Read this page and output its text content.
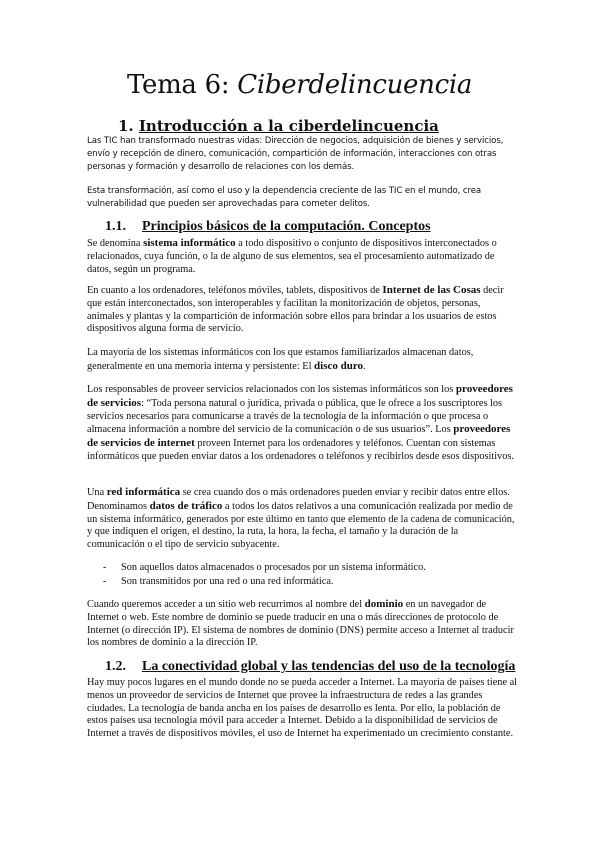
Tema 6: Ciberdelincuencia
1. Introducción a la ciberdelincuencia
Las TIC han transformado nuestras vidas: Dirección de negocios, adquisición de bienes y servicios, envío y recepción de dinero, comunicación, compartición de información, interacciones con otras personas y formación y desarrollo de relaciones con los demás.
Esta transformación, así como el uso y la dependencia creciente de las TIC en el mundo, crea vulnerabilidad que pueden ser aprovechadas para cometer delitos.
1.1. Principios básicos de la computación. Conceptos
Se denomina sistema informático a todo dispositivo o conjunto de dispositivos interconectados o relacionados, cuya función, o la de alguno de sus elementos, sea el procesamiento automatizado de datos, según un programa.
En cuanto a los ordenadores, teléfonos móviles, tablets, dispositivos de Internet de las Cosas decir que están interconectados, son interoperables y facilitan la monitorización de objetos, personas, animales y plantas y la compartición de información sobre ellos para brindar a los usuarios de estos dispositivos alguna forma de servicio.
La mayoría de los sistemas informáticos con los que estamos familiarizados almacenan datos, generalmente en una memoria interna y persistente: El disco duro.
Los responsables de proveer servicios relacionados con los sistemas informáticos son los proveedores de servicios: “Toda persona natural o jurídica, privada o pública, que le ofrece a los suscriptores los servicios necesarios para comunicarse a través de la tecnología de la información o que procesa o almacena información a nombre del servicio de la comunicación o de sus usuarios”. Los proveedores de servicios de internet proveen Internet para los ordenadores y teléfonos. Cuentan con sistemas informáticos que pueden enviar datos a los ordenadores o teléfonos y recibirlos desde esos dispositivos.
Una red informática se crea cuando dos o más ordenadores pueden enviar y recibir datos entre ellos. Denominamos datos de tráfico a todos los datos relativos a una comunicación realizada por medio de un sistema informático, generados por este último en tanto que elemento de la cadena de comunicación, y que indiquen el origen, el destino, la ruta, la hora, la fecha, el tamaño y la duración de la comunicación o el tipo de servicio subyacente.
- Son aquellos datos almacenados o procesados por un sistema informático.
- Son transmitidos por una red o una red informática.
Cuando queremos acceder a un sitio web recurrimos al nombre del dominio en un navegador de Internet o web. Este nombre de dominio se puede traducir en una o más direcciones de protocolo de Internet (o dirección IP). El sistema de nombres de dominio (DNS) permite acceso a Internet al traducir los nombres de dominio a la dirección IP.
1.2. La conectividad global y las tendencias del uso de la tecnología
Hay muy pocos lugares en el mundo donde no se pueda acceder a Internet. La mayoría de países tiene al menos un proveedor de servicios de Internet que provee la infraestructura de redes a las grandes ciudades. La tecnología de banda ancha en los países de desarrollo es lenta. Por ello, la población de estos países usa tecnología móvil para acceder a Internet. Debido a la disponibilidad de servicios de Internet a través de dispositivos móviles, el uso de Internet ha experimentado un crecimiento constante.
